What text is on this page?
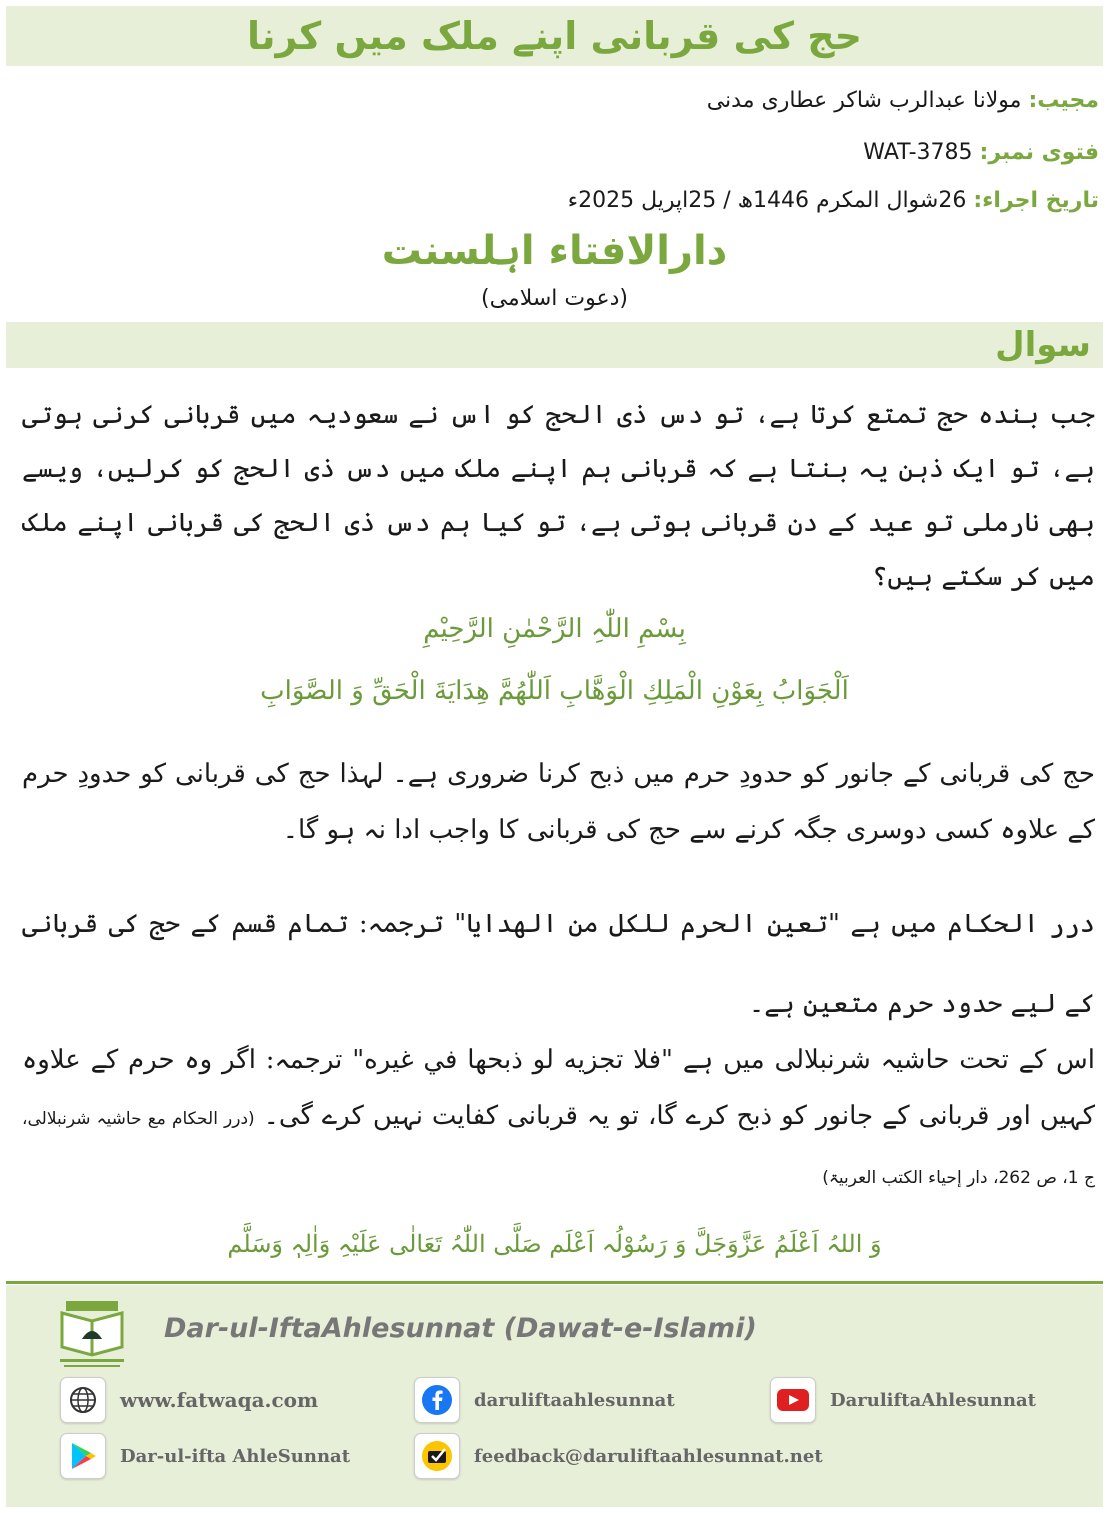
حج کی قربانی اپنے ملک میں کرنا
مجیب: مولانا عبدالرب شاکر عطاری مدنی
فتوی نمبر: WAT-3785
تاریخ اجراء: 26شوال المکرم 1446ھ / 25اپریل 2025ء
دارالافتاء اہلسنت
(دعوت اسلامی)
سوال
جب بندہ حج تمتع کرتا ہے، تو دس ذی الحج کو اس نے سعودیہ میں قربانی کرنی ہوتی ہے، تو ایک ذہن یہ بنتا ہے کہ قربانی ہم اپنے ملک میں دس ذی الحج کو کرلیں، ویسے بھی نارملی تو عید کے دن قربانی ہوتی ہے، تو کیا ہم دس ذی الحج کی قربانی اپنے ملک میں کر سکتے ہیں؟
بِسْمِ اللّٰہِ الرَّحْمٰنِ الرَّحِیْمِ
اَلْجَوَابُ بِعَوْنِ الْمَلِكِ الْوَهَّابِ اَللّٰهُمَّ هِدَايَةَ الْحَقِّ وَ الصَّوَابِ
حج کی قربانی کے جانور کو حدودِ حرم میں ذبح کرنا ضروری ہے۔ لہذا حج کی قربانی کو حدودِ حرم کے علاوہ کسی دوسری جگہ کرنے سے حج کی قربانی کا واجب ادا نہ ہو گا۔
درر الحکام میں ہے "تعين الحرم للكل من الهدايا" ترجمہ: تمام قسم کے حج کی قربانی کے لیے حدود حرم متعین ہے۔
اس کے تحت حاشیہ شرنبلالی میں ہے "فلا تجزيه لو ذبحها في غيره" ترجمہ: اگر وہ حرم کے علاوہ کہیں اور قربانی کے جانور کو ذبح کرے گا، تو یہ قربانی کفایت نہیں کرے گی۔ (درر الحکام مع حاشیہ شرنبلالی، ج 1، ص 262، دار إحیاء الکتب العربیۃ)
وَ اللہُ اَعْلَمُ عَزَّوَجَلَّ وَ رَسُوْلُہ اَعْلَم صَلَّی اللّٰہُ تَعَالٰی عَلَیْہِ وَاٰلِہٖ وَسَلَّم
Dar-ul-IftaAhlesunnat (Dawat-e-Islami)
www.fatwaqa.com	daruliftaahlesunnat	DaruliftaAhlesunnat
Dar-ul-ifta AhleSunnat	feedback@daruliftaahlesunnat.net
